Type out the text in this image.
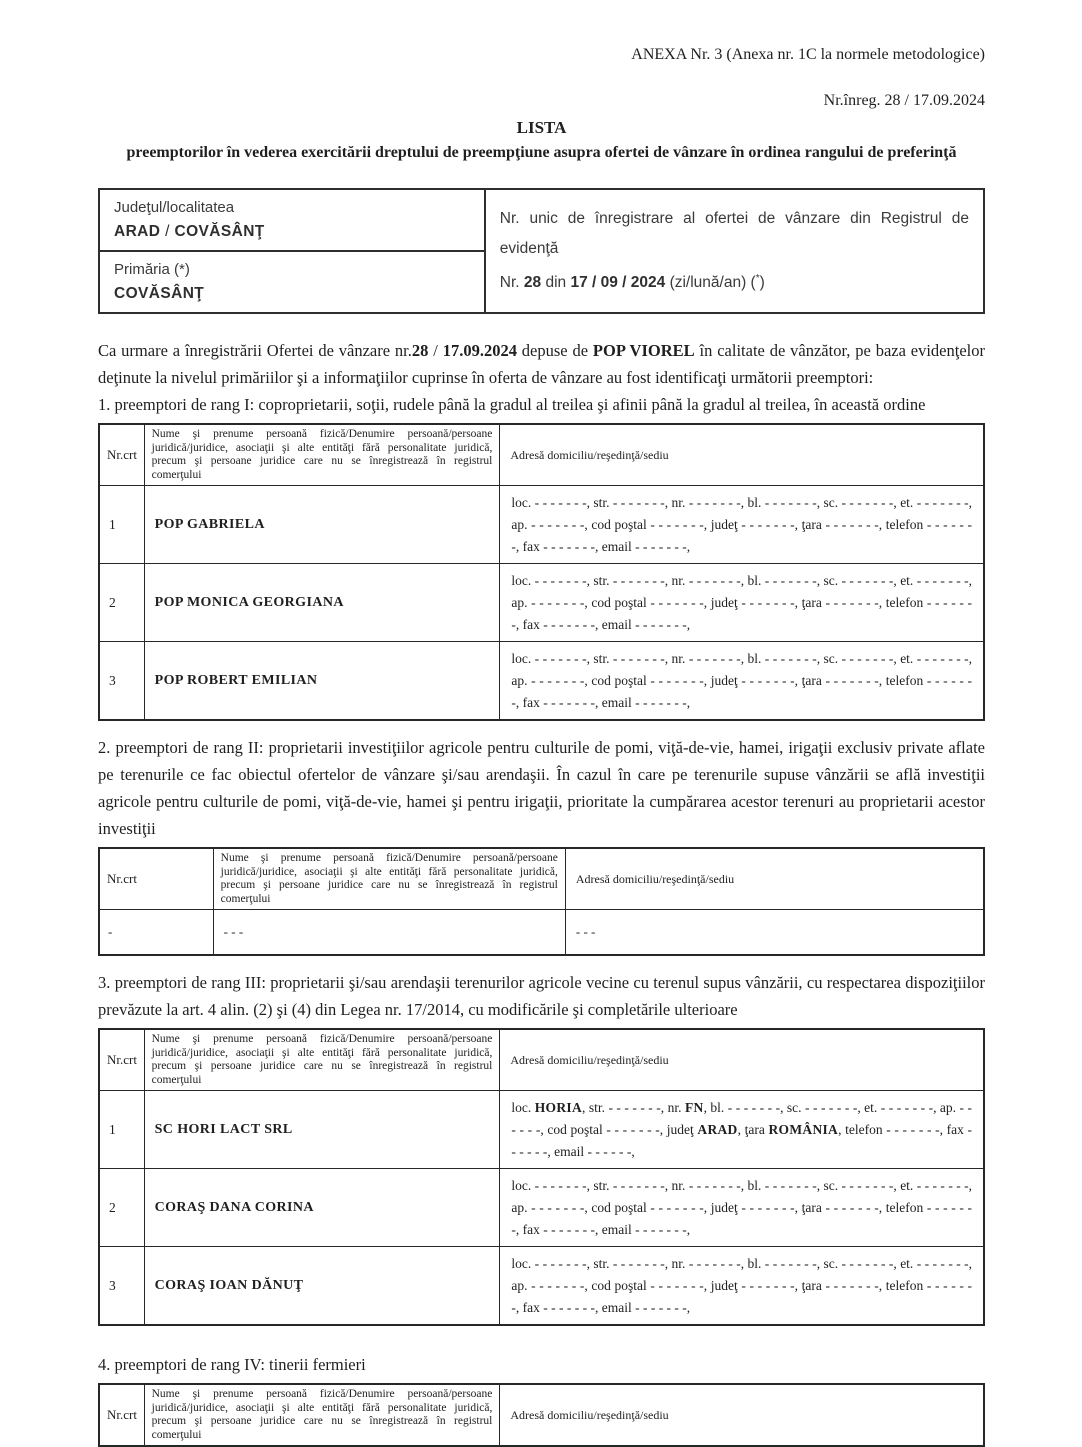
ANEXA Nr. 3 (Anexa nr. 1C la normele metodologice)
Nr.înreg. 28 / 17.09.2024

LISTA

preemptorilor în vederea exercitării dreptului de preempţiune asupra ofertei de vânzare în ordinea rangului de preferinţă

Judeţul/localitatea
ARAD / COVĂSÂNŢ

Nr. unic de înregistrare al ofertei de vânzare din Registrul de evidenţă

Nr. 28 din 17 / 09 / 2024 (zi/lună/an) (*)

Primăria (*)
COVĂSÂNŢ

Ca urmare a înregistrării Ofertei de vânzare nr.28 / 17.09.2024 depuse de POP VIOREL în calitate de vânzător, pe baza evidenţelor deţinute la nivelul primăriilor şi a informaţiilor cuprinse în oferta de vânzare au fost identificaţi următorii preemptori:

1. preemptori de rang I: coproprietarii, soţii, rudele până la gradul al treilea şi afinii până la gradul al treilea, în această ordine

Nr.crt	Nume şi prenume persoană fizică/Denumire persoană/persoane juridică/juridice, asociaţii şi alte entităţi fără personalitate juridică, precum şi persoane juridice care nu se înregistrează în registrul comerţului	Adresă domiciliu/reşedinţă/sediu
1	POP GABRIELA	loc. - - - - - - -, str. - - - - - - -, nr. - - - - - - -, bl. - - - - - - -, sc. - - - - - - -, et. - - - - - - -, ap. - - - - - - -, cod poştal - - - - - - -, judeţ - - - - - - -, ţara - - - - - - -, telefon - - - - - - -, fax - - - - - - -, email - - - - - - -,
2	POP MONICA GEORGIANA	loc. - - - - - - -, str. - - - - - - -, nr. - - - - - - -, bl. - - - - - - -, sc. - - - - - - -, et. - - - - - - -, ap. - - - - - - -, cod poştal - - - - - - -, judeţ - - - - - - -, ţara - - - - - - -, telefon - - - - - - -, fax - - - - - - -, email - - - - - - -,
3	POP ROBERT EMILIAN	loc. - - - - - - -, str. - - - - - - -, nr. - - - - - - -, bl. - - - - - - -, sc. - - - - - - -, et. - - - - - - -, ap. - - - - - - -, cod poştal - - - - - - -, judeţ - - - - - - -, ţara - - - - - - -, telefon - - - - - - -, fax - - - - - - -, email - - - - - - -,

2. preemptori de rang II: proprietarii investiţiilor agricole pentru culturile de pomi, viţă-de-vie, hamei, irigaţii exclusiv private aflate pe terenurile ce fac obiectul ofertelor de vânzare şi/sau arendaşii. În cazul în care pe terenurile supuse vânzării se află investiţii agricole pentru culturile de pomi, viţă-de-vie, hamei şi pentru irigaţii, prioritate la cumpărarea acestor terenuri au proprietarii acestor investiţii

Nr.crt	Nume şi prenume persoană fizică/Denumire persoană/persoane juridică/juridice, asociaţii şi alte entităţi fără personalitate juridică, precum şi persoane juridice care nu se înregistrează în registrul comerţului	Adresă domiciliu/reşedinţă/sediu
-	- - -	- - -

3. preemptori de rang III: proprietarii şi/sau arendaşii terenurilor agricole vecine cu terenul supus vânzării, cu respectarea dispoziţiilor prevăzute la art. 4 alin. (2) şi (4) din Legea nr. 17/2014, cu modificările şi completările ulterioare

Nr.crt	Nume şi prenume persoană fizică/Denumire persoană/persoane juridică/juridice, asociaţii şi alte entităţi fără personalitate juridică, precum şi persoane juridice care nu se înregistrează în registrul comerţului	Adresă domiciliu/reşedinţă/sediu
1	SC HORI LACT SRL	loc. HORIA, str. - - - - - - -, nr. FN, bl. - - - - - - -, sc. - - - - - - -, et. - - - - - - -, ap. - - - - - -, cod poştal - - - - - - -, judeţ ARAD, ţara ROMÂNIA, telefon - - - - - - -, fax - - - - - -, email - - - - - -,
2	CORAŞ DANA CORINA	loc. - - - - - - -, str. - - - - - - -, nr. - - - - - - -, bl. - - - - - - -, sc. - - - - - - -, et. - - - - - - -, ap. - - - - - - -, cod poştal - - - - - - -, judeţ - - - - - - -, ţara - - - - - - -, telefon - - - - - - -, fax - - - - - - -, email - - - - - - -,
3	CORAŞ IOAN DĂNUŢ	loc. - - - - - - -, str. - - - - - - -, nr. - - - - - - -, bl. - - - - - - -, sc. - - - - - - -, et. - - - - - - -, ap. - - - - - - -, cod poştal - - - - - - -, judeţ - - - - - - -, ţara - - - - - - -, telefon - - - - - - -, fax - - - - - - -, email - - - - - - -,

4. preemptori de rang IV: tinerii fermieri

Nr.crt	Nume şi prenume persoană fizică/Denumire persoană/persoane juridică/juridice, asociaţii şi alte entităţi fără personalitate juridică, precum şi persoane juridice care nu se înregistrează în registrul comerţului	Adresă domiciliu/reşedinţă/sediu
